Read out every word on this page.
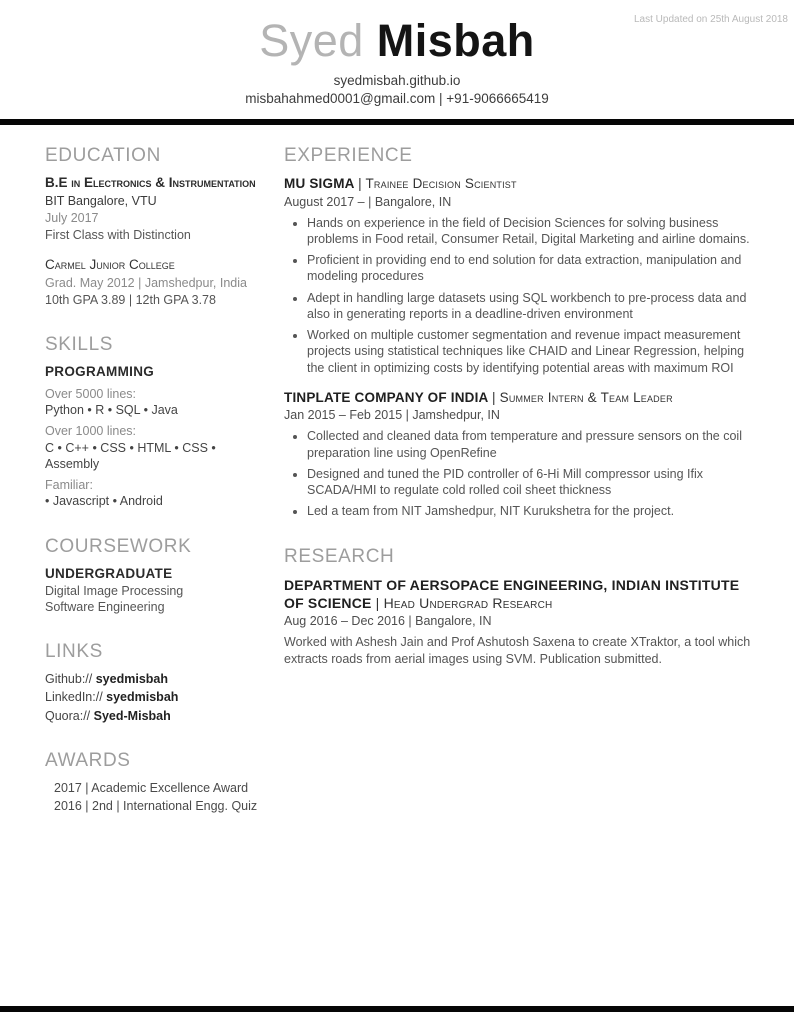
Last Updated on 25th August 2018
Syed Misbah
syedmisbah.github.io
misbahahmed0001@gmail.com | +91-9066665419
EDUCATION
B.E in Electronics & Instrumentation
BIT Bangalore, VTU
July 2017
First Class with Distinction
Carmel Junior College
Grad. May 2012 | Jamshedpur, India
10th GPA 3.89 | 12th GPA 3.78
SKILLS
PROGRAMMING
Over 5000 lines:
Python • R • SQL • Java
Over 1000 lines:
C • C++ • CSS • HTML • CSS • Assembly
Familiar:
• Javascript • Android
COURSEWORK
UNDERGRADUATE
Digital Image Processing
Software Engineering
LINKS
Github:// syedmisbah
LinkedIn:// syedmisbah
Quora:// Syed-Misbah
AWARDS
2017 | Academic Excellence Award
2016 | 2nd | International Engg. Quiz
EXPERIENCE
MU SIGMA | Trainee Decision Scientist
August 2017 – | Bangalore, IN
• Hands on experience in the field of Decision Sciences for solving business problems in Food retail, Consumer Retail, Digital Marketing and airline domains.
• Proficient in providing end to end solution for data extraction, manipulation and modeling procedures
• Adept in handling large datasets using SQL workbench to pre-process data and also in generating reports in a deadline-driven environment
• Worked on multiple customer segmentation and revenue impact measurement projects using statistical techniques like CHAID and Linear Regression, helping the client in optimizing costs by identifying potential areas with maximum ROI
TINPLATE COMPANY OF INDIA | Summer Intern & Team Leader
Jan 2015 – Feb 2015 | Jamshedpur, IN
• Collected and cleaned data from temperature and pressure sensors on the coil preparation line using OpenRefine
• Designed and tuned the PID controller of 6-Hi Mill compressor using Ifix SCADA/HMI to regulate cold rolled coil sheet thickness
• Led a team from NIT Jamshedpur, NIT Kurukshetra for the project.
RESEARCH
DEPARTMENT OF AERSOPACE ENGINEERING, INDIAN INSTITUTE OF SCIENCE | Head Undergrad Research
Aug 2016 – Dec 2016 | Bangalore, IN

Worked with Ashesh Jain and Prof Ashutosh Saxena to create XTraktor, a tool which extracts roads from aerial images using SVM. Publication submitted.
